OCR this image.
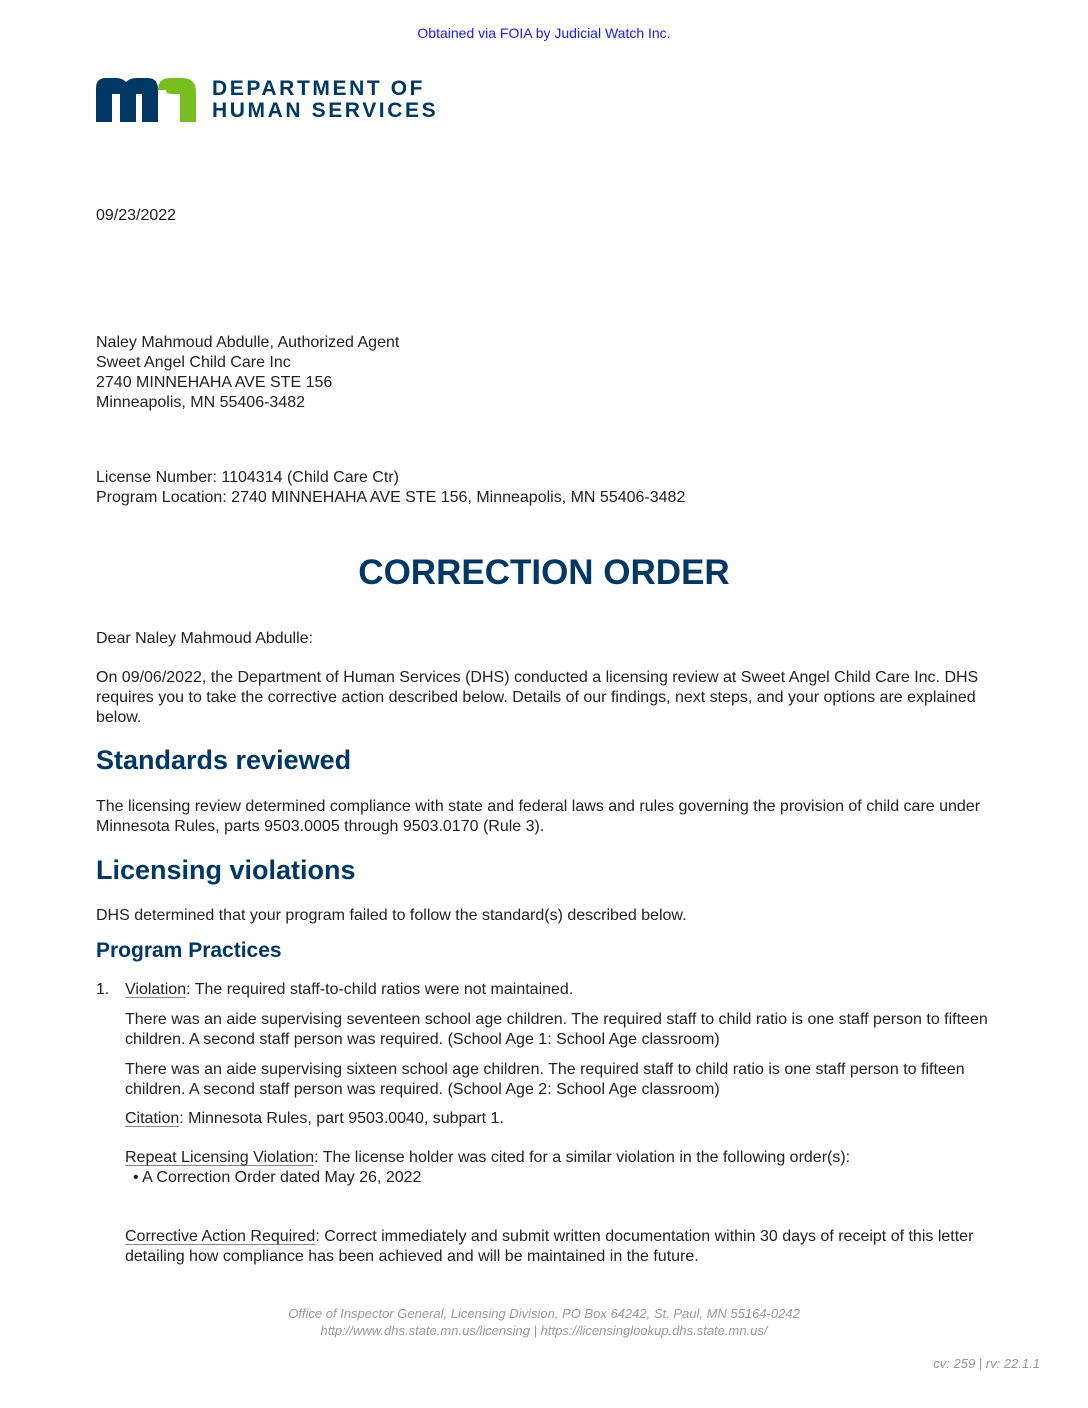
Obtained via FOIA by Judicial Watch Inc.
DEPARTMENT OF
HUMAN SERVICES
09/23/2022
Naley Mahmoud Abdulle, Authorized Agent
Sweet Angel Child Care Inc
2740 MINNEHAHA AVE STE 156
Minneapolis, MN 55406-3482
License Number: 1104314 (Child Care Ctr)
Program Location: 2740 MINNEHAHA AVE STE 156, Minneapolis, MN 55406-3482
CORRECTION ORDER
Dear Naley Mahmoud Abdulle:
On 09/06/2022, the Department of Human Services (DHS) conducted a licensing review at Sweet Angel Child Care Inc. DHS requires you to take the corrective action described below. Details of our findings, next steps, and your options are explained below.
Standards reviewed
The licensing review determined compliance with state and federal laws and rules governing the provision of child care under Minnesota Rules, parts 9503.0005 through 9503.0170 (Rule 3).
Licensing violations
DHS determined that your program failed to follow the standard(s) described below.
Program Practices
1. Violation: The required staff-to-child ratios were not maintained.
There was an aide supervising seventeen school age children. The required staff to child ratio is one staff person to fifteen children. A second staff person was required. (School Age 1: School Age classroom)
There was an aide supervising sixteen school age children. The required staff to child ratio is one staff person to fifteen children. A second staff person was required. (School Age 2: School Age classroom)
Citation: Minnesota Rules, part 9503.0040, subpart 1.
Repeat Licensing Violation: The license holder was cited for a similar violation in the following order(s):
• A Correction Order dated May 26, 2022
Corrective Action Required: Correct immediately and submit written documentation within 30 days of receipt of this letter detailing how compliance has been achieved and will be maintained in the future.
Office of Inspector General, Licensing Division, PO Box 64242, St. Paul, MN 55164-0242
http://www.dhs.state.mn.us/licensing | https://licensinglookup.dhs.state.mn.us/
cv: 259 | rv: 22.1.1
